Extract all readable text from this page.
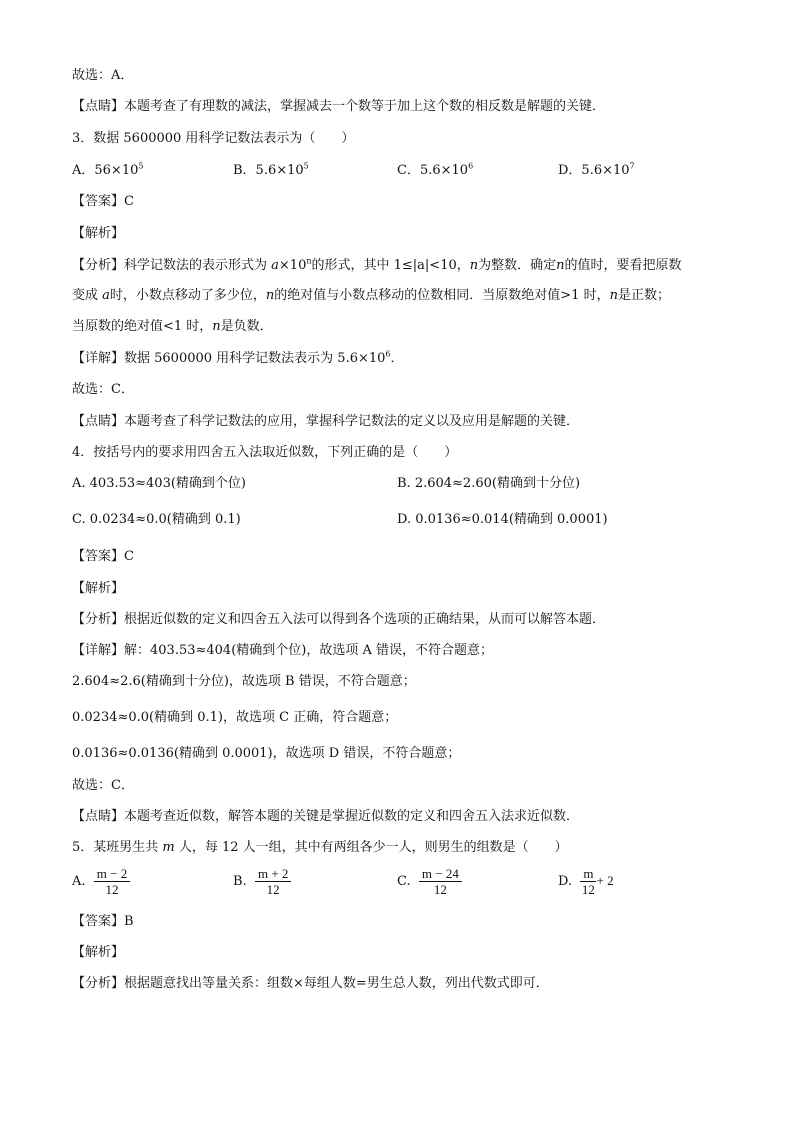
故选：A．
【点睛】本题考查了有理数的减法，掌握减去一个数等于加上这个数的相反数是解题的关键．
3．数据 5600000 用科学记数法表示为（　　）
A．$56\times 10^5$	B．$5.6\times 10^5$	C．$5.6\times 10^6$	D．$5.6\times 10^7$
【答案】C
【解析】
【分析】科学记数法的表示形式为 $a\times 10^n$的形式，其中 1≤|a|<10，n为整数．确定n的值时，要看把原数
变成 a时，小数点移动了多少位，n的绝对值与小数点移动的位数相同．当原数绝对值>1 时，n是正数；
当原数的绝对值<1 时，n是负数．
【详解】数据 5600000 用科学记数法表示为 $5.6\times 10^6$．
故选：C．
【点睛】本题考查了科学记数法的应用，掌握科学记数法的定义以及应用是解题的关键．
4．按括号内的要求用四舍五入法取近似数，下列正确的是（　　）
A. 403.53≈403(精确到个位)	B. 2.604≈2.60(精确到十分位)
C. 0.0234≈0.0(精确到 0.1)	D. 0.0136≈0.014(精确到 0.0001)
【答案】C
【解析】
【分析】根据近似数的定义和四舍五入法可以得到各个选项的正确结果，从而可以解答本题．
【详解】解：403.53≈404(精确到个位)，故选项 A 错误，不符合题意；
2.604≈2.6(精确到十分位)，故选项 B 错误，不符合题意；
0.0234≈0.0(精确到 0.1)，故选项 C 正确，符合题意；
0.0136≈0.0136(精确到 0.0001)，故选项 D 错误，不符合题意；
故选：C．
【点睛】本题考查近似数，解答本题的关键是掌握近似数的定义和四舍五入法求近似数．
5．某班男生共 m 人，每 12 人一组，其中有两组各少一人，则男生的组数是（　　）
A. $\frac{m - 2}{12}$	B. $\frac{m + 2}{12}$	C. $\frac{m - 24}{12}$	D. $\frac{m}{12} + 2$
【答案】B
【解析】
【分析】根据题意找出等量关系：组数×每组人数=男生总人数，列出代数式即可．
